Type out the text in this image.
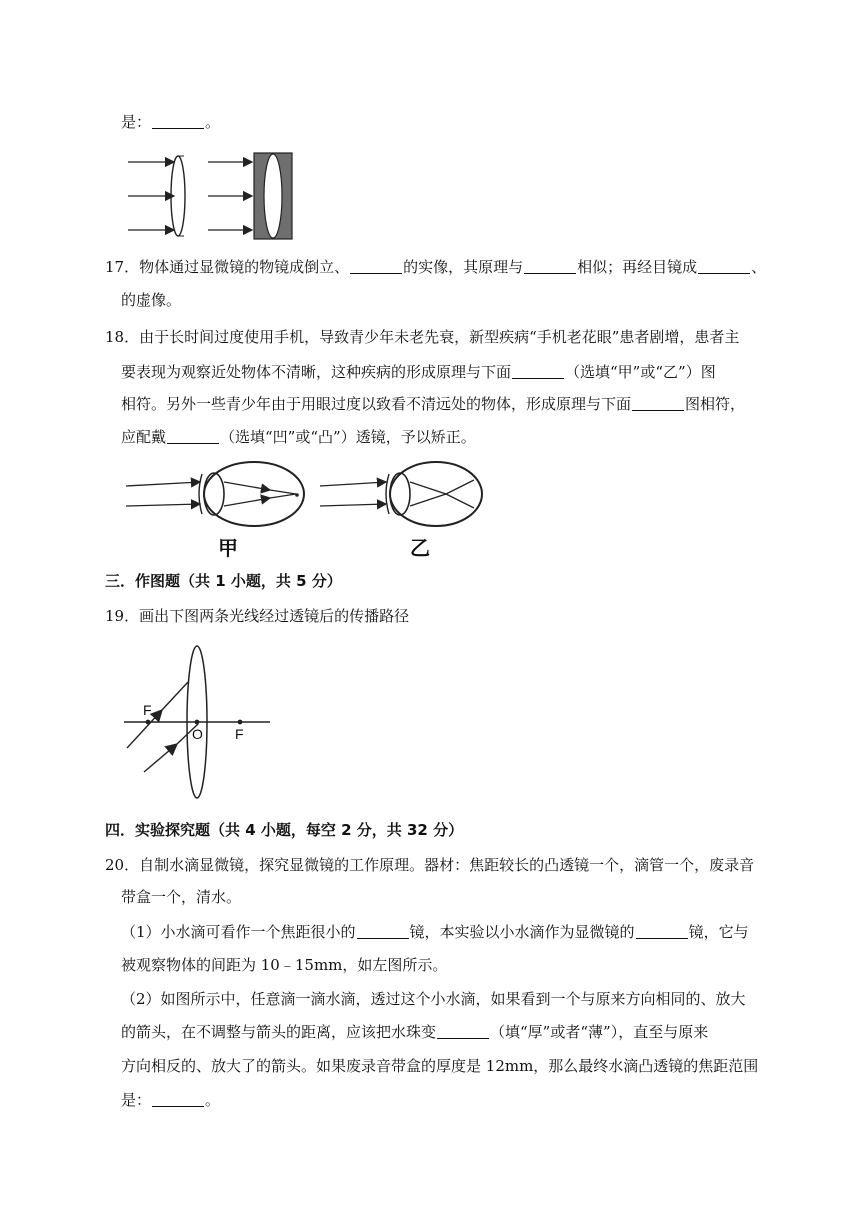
是：	。
17．物体通过显微镜的物镜成倒立、	的实像，其原理与	相似；再经目镜成	、
的虚像。
18．由于长时间过度使用手机，导致青少年未老先衰，新型疾病“手机老花眼”患者剧增，患者主
要表现为观察近处物体不清晰，这种疾病的形成原理与下面	（选填“甲”或“乙”）图
相符。另外一些青少年由于用眼过度以致看不清远处的物体，形成原理与下面	图相符，
应配戴	（选填“凹”或“凸”）透镜，予以矫正。
甲	乙
三．作图题（共 1 小题，共 5 分）
19．画出下图两条光线经过透镜后的传播路径
F
O F
四．实验探究题（共 4 小题，每空 2 分，共 32 分）
20．自制水滴显微镜，探究显微镜的工作原理。器材：焦距较长的凸透镜一个，滴管一个，废录音
带盒一个，清水。
（1）小水滴可看作一个焦距很小的	镜，本实验以小水滴作为显微镜的	镜，它与
被观察物体的间距为 10﹣15mm，如左图所示。
（2）如图所示中，任意滴一滴水滴，透过这个小水滴，如果看到一个与原来方向相同的、放大
的箭头，在不调整与箭头的距离，应该把水珠变	（填“厚”或者“薄”），直至与原来
方向相反的、放大了的箭头。如果废录音带盒的厚度是 12mm，那么最终水滴凸透镜的焦距范围
是：	。
